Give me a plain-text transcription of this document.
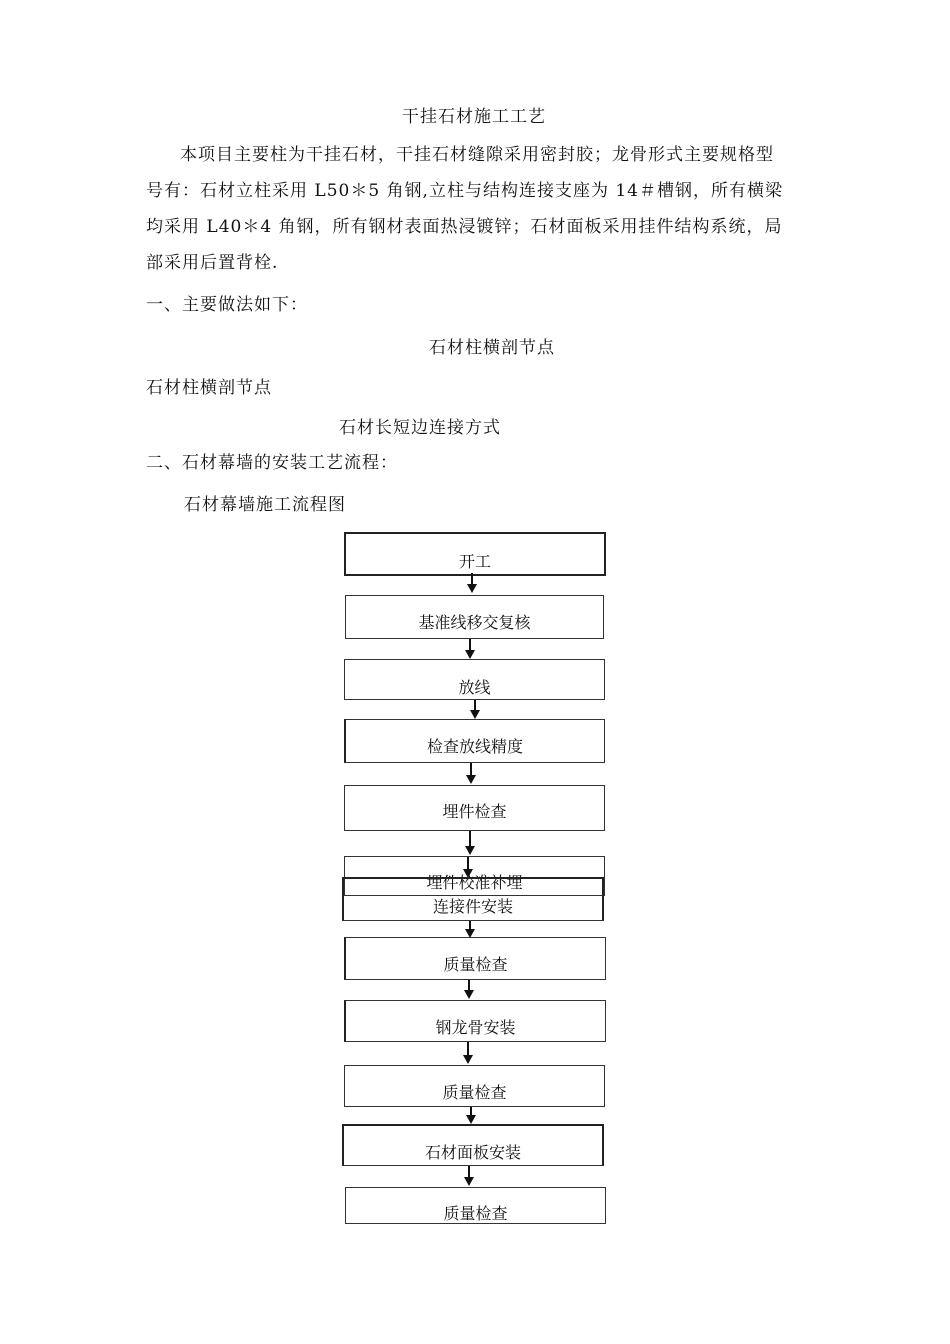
干挂石材施工工艺
本项目主要柱为干挂石材，干挂石材缝隙采用密封胶；龙骨形式主要规格型
号有：石材立柱采用 L50＊5 角钢,立柱与结构连接支座为 14＃槽钢，所有横梁
均采用 L40＊4 角钢，所有钢材表面热浸镀锌；石材面板采用挂件结构系统，局
部采用后置背栓.
一、主要做法如下：
石材柱横剖节点
石材柱横剖节点
石材长短边连接方式
二、石材幕墙的安装工艺流程：
石材幕墙施工流程图
开工
基准线移交复核
放线
检查放线精度
埋件检查
埋件校准补埋
连接件安装
质量检查
钢龙骨安装
质量检查
石材面板安装
质量检查
